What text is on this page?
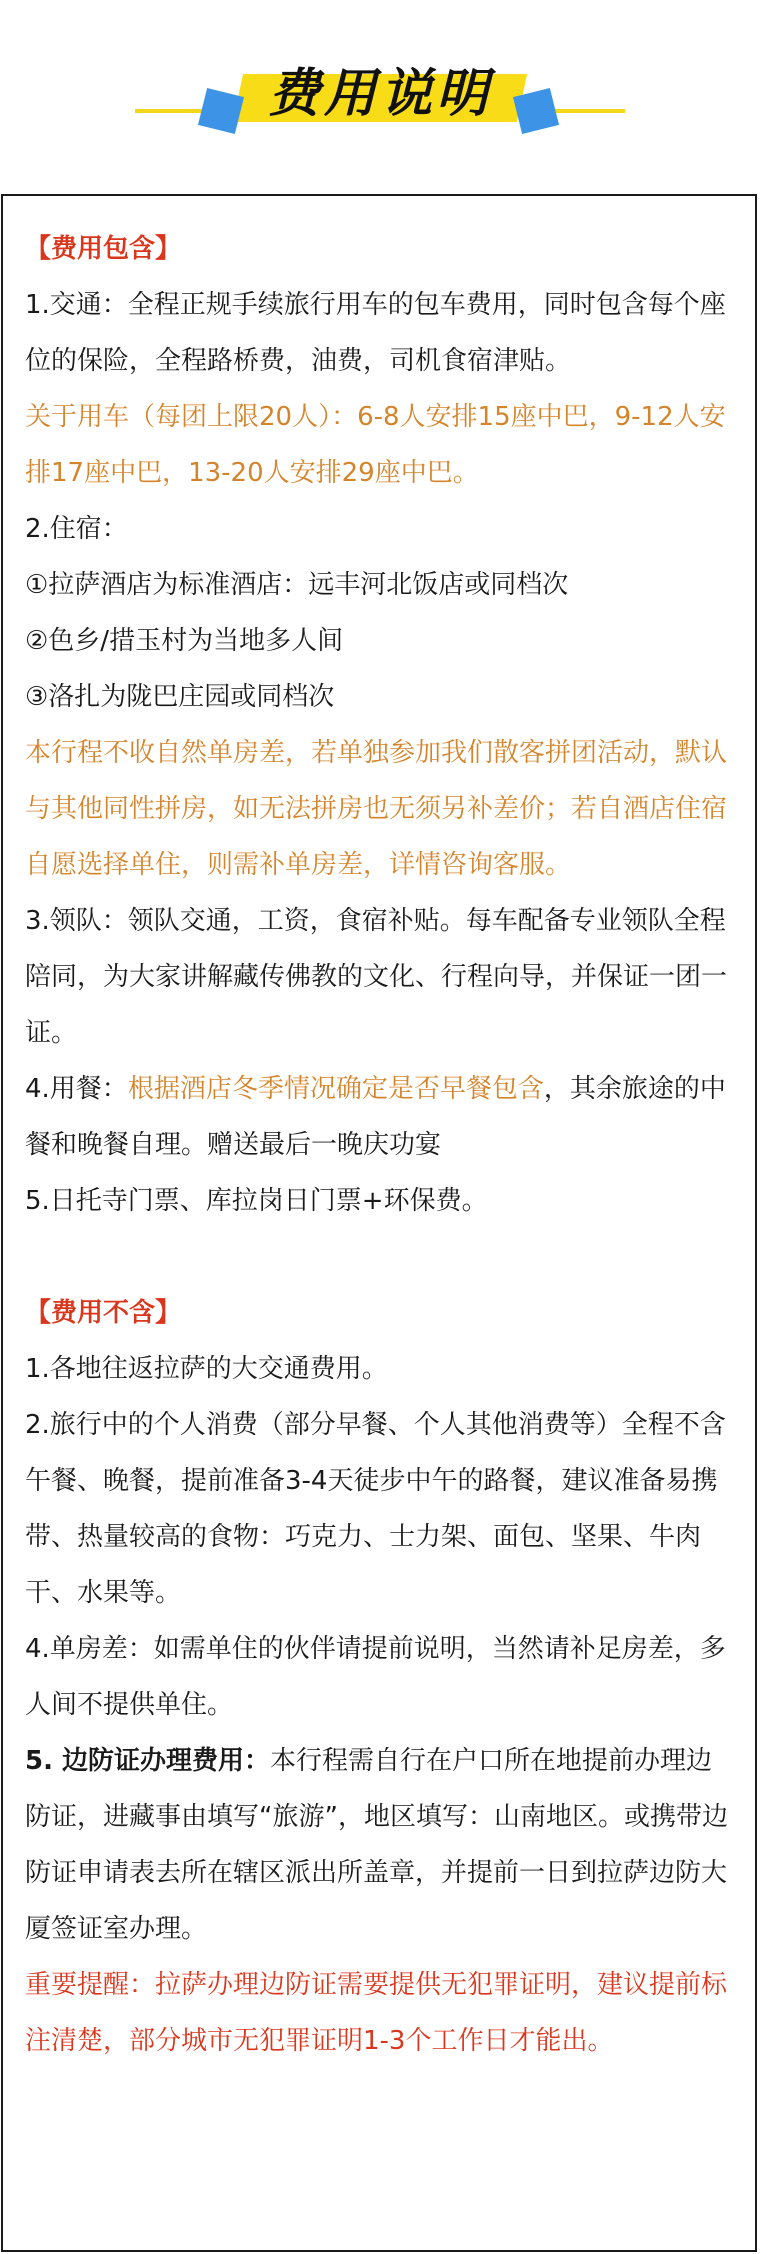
费用说明

【费用包含】

1.交通：全程正规手续旅行用车的包车费用，同时包含每个座位的保险，全程路桥费，油费，司机食宿津贴。

关于用车（每团上限20人）：6-8人安排15座中巴，9-12人安排17座中巴，13-20人安排29座中巴。

2.住宿：

①拉萨酒店为标准酒店：远丰河北饭店或同档次

②色乡/措玉村为当地多人间

③洛扎为陇巴庄园或同档次

本行程不收自然单房差，若单独参加我们散客拼团活动，默认与其他同性拼房，如无法拼房也无须另补差价；若自酒店住宿自愿选择单住，则需补单房差，详情咨询客服。

3.领队：领队交通，工资，食宿补贴。每车配备专业领队全程陪同，为大家讲解藏传佛教的文化、行程向导，并保证一团一证。

4.用餐：根据酒店冬季情况确定是否早餐包含，其余旅途的中餐和晚餐自理。赠送最后一晚庆功宴

5.日托寺门票、库拉岗日门票+环保费。

【费用不含】

1.各地往返拉萨的大交通费用。

2.旅行中的个人消费（部分早餐、个人其他消费等）全程不含午餐、晚餐，提前准备3-4天徒步中午的路餐，建议准备易携带、热量较高的食物：巧克力、士力架、面包、坚果、牛肉干、水果等。

4.单房差：如需单住的伙伴请提前说明，当然请补足房差，多人间不提供单住。

5. 边防证办理费用：本行程需自行在户口所在地提前办理边防证，进藏事由填写“旅游”，地区填写：山南地区。或携带边防证申请表去所在辖区派出所盖章，并提前一日到拉萨边防大厦签证室办理。

重要提醒：拉萨办理边防证需要提供无犯罪证明，建议提前标注清楚，部分城市无犯罪证明1-3个工作日才能出。
